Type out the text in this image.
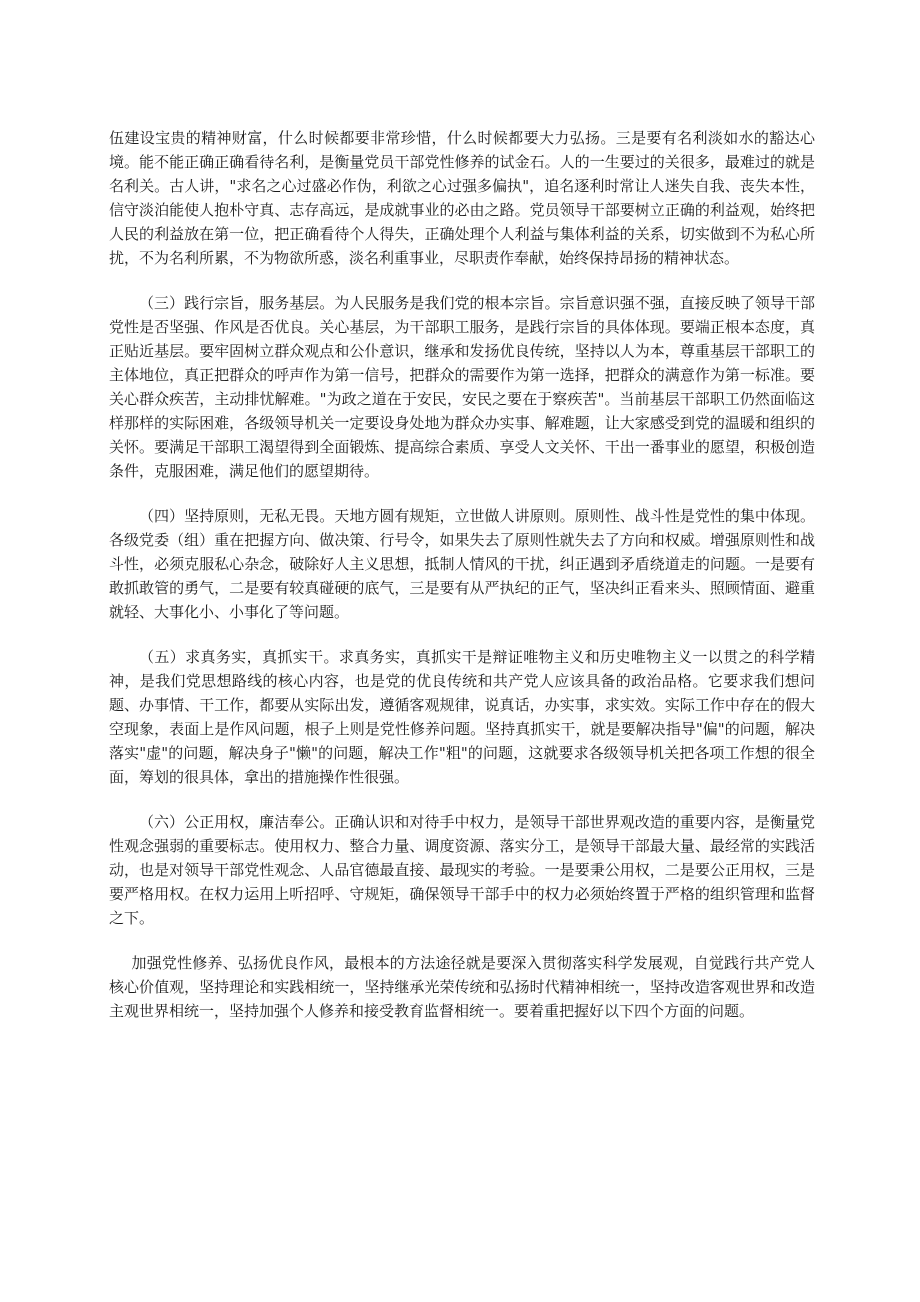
伍建设宝贵的精神财富，什么时候都要非常珍惜，什么时候都要大力弘扬。三是要有名利淡如水的豁达心境。能不能正确正确看待名利，是衡量党员干部党性修养的试金石。人的一生要过的关很多，最难过的就是名利关。古人讲，"求名之心过盛必作伪，利欲之心过强多偏执"，追名逐利时常让人迷失自我、丧失本性，信守淡泊能使人抱朴守真、志存高远，是成就事业的必由之路。党员领导干部要树立正确的利益观，始终把人民的利益放在第一位，把正确看待个人得失，正确处理个人利益与集体利益的关系，切实做到不为私心所扰，不为名利所累，不为物欲所惑，淡名利重事业，尽职责作奉献，始终保持昂扬的精神状态。

（三）践行宗旨，服务基层。为人民服务是我们党的根本宗旨。宗旨意识强不强，直接反映了领导干部党性是否坚强、作风是否优良。关心基层，为干部职工服务，是践行宗旨的具体体现。要端正根本态度，真正贴近基层。要牢固树立群众观点和公仆意识，继承和发扬优良传统，坚持以人为本，尊重基层干部职工的主体地位，真正把群众的呼声作为第一信号，把群众的需要作为第一选择，把群众的满意作为第一标准。要关心群众疾苦，主动排忧解难。"为政之道在于安民，安民之要在于察疾苦"。当前基层干部职工仍然面临这样那样的实际困难，各级领导机关一定要设身处地为群众办实事、解难题，让大家感受到党的温暖和组织的关怀。要满足干部职工渴望得到全面锻炼、提高综合素质、享受人文关怀、干出一番事业的愿望，积极创造条件，克服困难，满足他们的愿望期待。

（四）坚持原则，无私无畏。天地方圆有规矩，立世做人讲原则。原则性、战斗性是党性的集中体现。各级党委（组）重在把握方向、做决策、行号令，如果失去了原则性就失去了方向和权威。增强原则性和战斗性，必须克服私心杂念，破除好人主义思想，抵制人情风的干扰，纠正遇到矛盾绕道走的问题。一是要有敢抓敢管的勇气，二是要有较真碰硬的底气，三是要有从严执纪的正气，坚决纠正看来头、照顾情面、避重就轻、大事化小、小事化了等问题。

（五）求真务实，真抓实干。求真务实，真抓实干是辩证唯物主义和历史唯物主义一以贯之的科学精神，是我们党思想路线的核心内容，也是党的优良传统和共产党人应该具备的政治品格。它要求我们想问题、办事情、干工作，都要从实际出发，遵循客观规律，说真话，办实事，求实效。实际工作中存在的假大空现象，表面上是作风问题，根子上则是党性修养问题。坚持真抓实干，就是要解决指导"偏"的问题，解决落实"虚"的问题，解决身子"懒"的问题，解决工作"粗"的问题，这就要求各级领导机关把各项工作想的很全面，筹划的很具体，拿出的措施操作性很强。

（六）公正用权，廉洁奉公。正确认识和对待手中权力，是领导干部世界观改造的重要内容，是衡量党性观念强弱的重要标志。使用权力、整合力量、调度资源、落实分工，是领导干部最大量、最经常的实践活动，也是对领导干部党性观念、人品官德最直接、最现实的考验。一是要秉公用权，二是要公正用权，三是要严格用权。在权力运用上听招呼、守规矩，确保领导干部手中的权力必须始终置于严格的组织管理和监督之下。

加强党性修养、弘扬优良作风，最根本的方法途径就是要深入贯彻落实科学发展观，自觉践行共产党人核心价值观，坚持理论和实践相统一，坚持继承光荣传统和弘扬时代精神相统一，坚持改造客观世界和改造主观世界相统一，坚持加强个人修养和接受教育监督相统一。要着重把握好以下四个方面的问题。
